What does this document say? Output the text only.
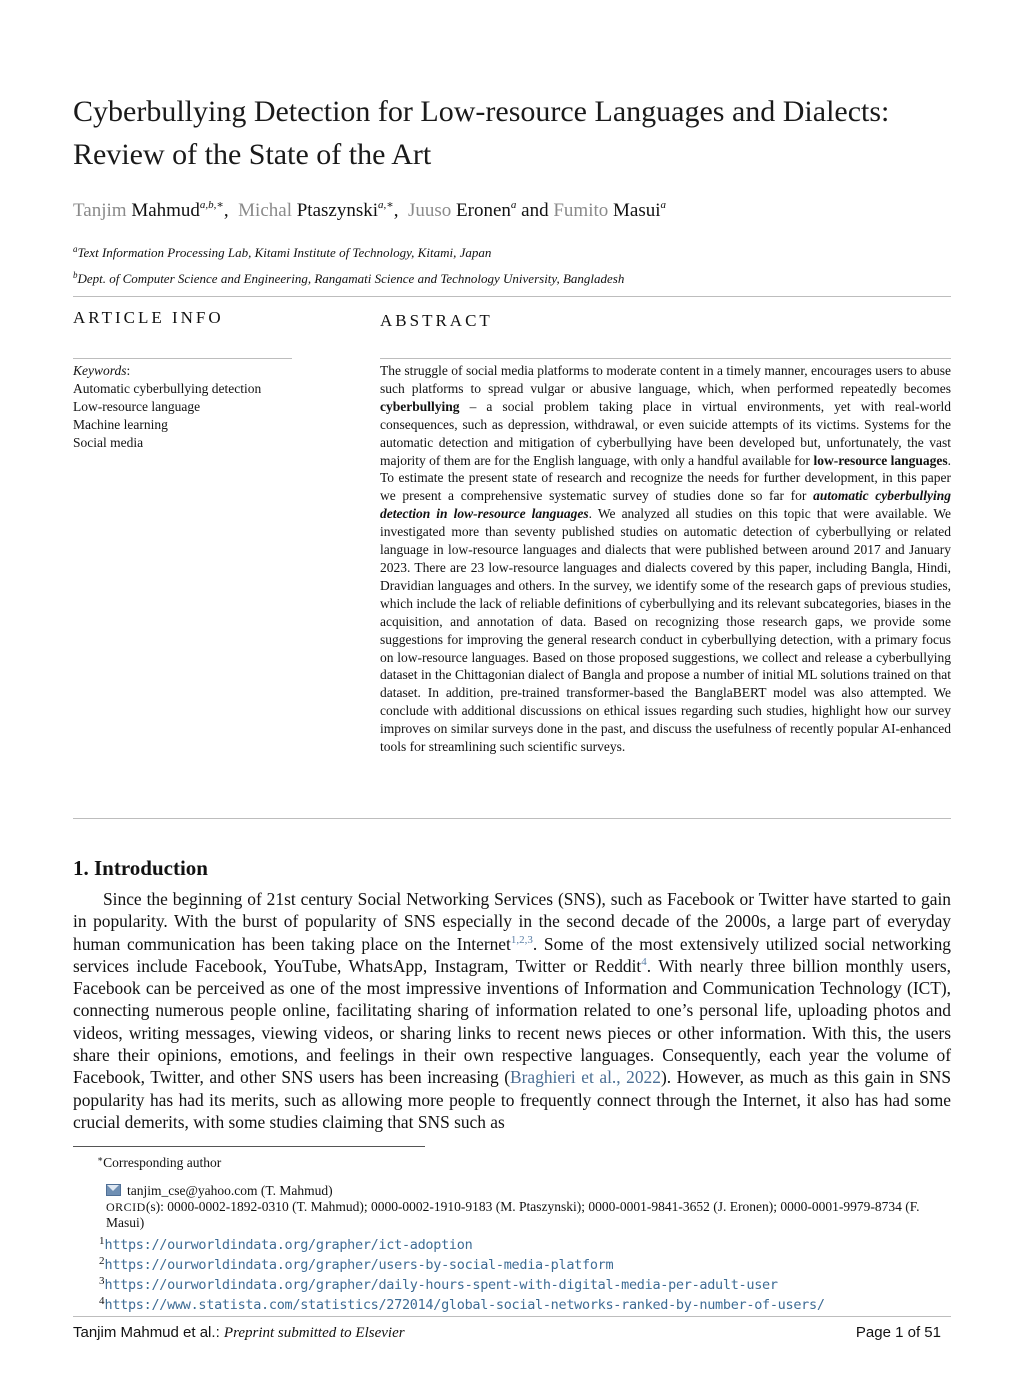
Cyberbullying Detection for Low-resource Languages and Dialects: Review of the State of the Art
Tanjim Mahmud$^{a,b,∗}$, Michal Ptaszynski$^{a,∗}$, Juuso Eronen$^a$ and Fumito Masui$^a$
$^a$Text Information Processing Lab, Kitami Institute of Technology, Kitami, Japan
$^b$Dept. of Computer Science and Engineering, Rangamati Science and Technology University, Bangladesh
ARTICLE INFO	ABSTRACT
Keywords:
Automatic cyberbullying detection
Low-resource language
Machine learning
Social media

The struggle of social media platforms to moderate content in a timely manner, encourages users to abuse such platforms to spread vulgar or abusive language, which, when performed repeatedly becomes cyberbullying – a social problem taking place in virtual environments, yet with real-world consequences, such as depression, withdrawal, or even suicide attempts of its victims. Systems for the automatic detection and mitigation of cyberbullying have been developed but, unfortunately, the vast majority of them are for the English language, with only a handful available for low-resource languages. To estimate the present state of research and recognize the needs for further development, in this paper we present a comprehensive systematic survey of studies done so far for automatic cyberbullying detection in low-resource languages. We analyzed all studies on this topic that were available. We investigated more than seventy published studies on automatic detection of cyberbullying or related language in low-resource languages and dialects that were published between around 2017 and January 2023. There are 23 low-resource languages and dialects covered by this paper, including Bangla, Hindi, Dravidian languages and others. In the survey, we identify some of the research gaps of previous studies, which include the lack of reliable definitions of cyberbullying and its relevant subcategories, biases in the acquisition, and annotation of data. Based on recognizing those research gaps, we provide some suggestions for improving the general research conduct in cyberbullying detection, with a primary focus on low-resource languages. Based on those proposed suggestions, we collect and release a cyberbullying dataset in the Chittagonian dialect of Bangla and propose a number of initial ML solutions trained on that dataset. In addition, pre-trained transformer-based the BanglaBERT model was also attempted. We conclude with additional discussions on ethical issues regarding such studies, highlight how our survey improves on similar surveys done in the past, and discuss the usefulness of recently popular AI-enhanced tools for streamlining such scientific surveys.

1. Introduction

Since the beginning of 21st century Social Networking Services (SNS), such as Facebook or Twitter have started to gain in popularity. With the burst of popularity of SNS especially in the second decade of the 2000s, a large part of everyday human communication has been taking place on the Internet$^{1,2,3}$. Some of the most extensively utilized social networking services include Facebook, YouTube, WhatsApp, Instagram, Twitter or Reddit$^4$. With nearly three billion monthly users, Facebook can be perceived as one of the most impressive inventions of Information and Communication Technology (ICT), connecting numerous people online, facilitating sharing of information related to one’s personal life, uploading photos and videos, writing messages, viewing videos, or sharing links to recent news pieces or other information. With this, the users share their opinions, emotions, and feelings in their own respective languages. Consequently, each year the volume of Facebook, Twitter, and other SNS users has been increasing (Braghieri et al., 2022). However, as much as this gain in SNS popularity has had its merits, such as allowing more people to frequently connect through the Internet, it also has had some crucial demerits, with some studies claiming that SNS such as

∗Corresponding author
tanjim_cse@yahoo.com (T. Mahmud)
ORCID(s): 0000-0002-1892-0310 (T. Mahmud); 0000-0002-1910-9183 (M. Ptaszynski); 0000-0001-9841-3652 (J. Eronen); 0000-0001-9979-8734 (F. Masui)
$^1$https://ourworldindata.org/grapher/ict-adoption
$^2$https://ourworldindata.org/grapher/users-by-social-media-platform
$^3$https://ourworldindata.org/grapher/daily-hours-spent-with-digital-media-per-adult-user
$^4$https://www.statista.com/statistics/272014/global-social-networks-ranked-by-number-of-users/
Tanjim Mahmud et al.: Preprint submitted to Elsevier	Page 1 of 51
